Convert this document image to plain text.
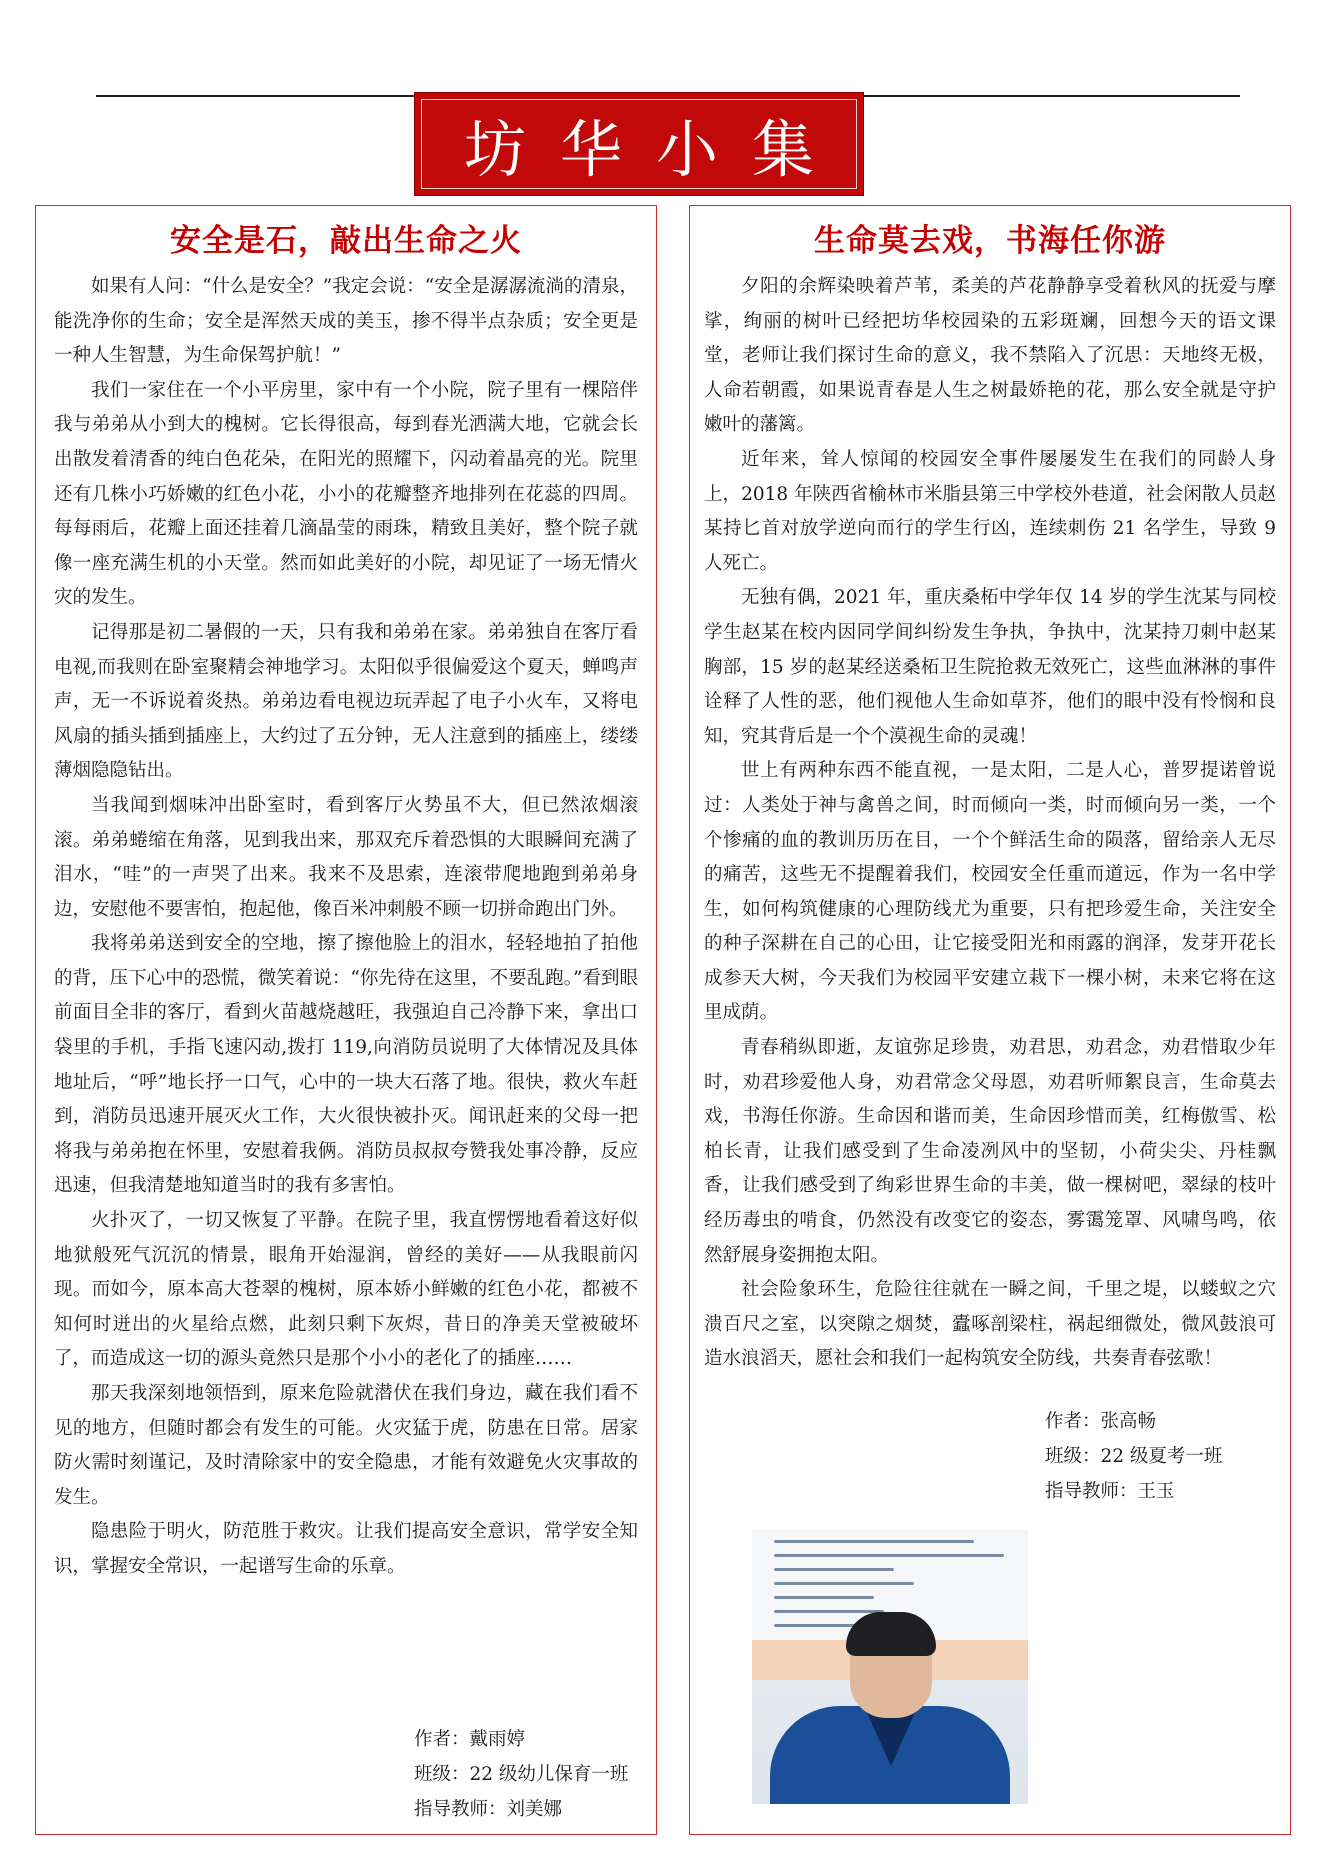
坊华小集
安全是石，敲出生命之火

如果有人问：“什么是安全？”我定会说：“安全是潺潺流淌的清泉，能洗净你的生命；安全是浑然天成的美玉，掺不得半点杂质；安全更是一种人生智慧，为生命保驾护航！”

我们一家住在一个小平房里，家中有一个小院，院子里有一棵陪伴我与弟弟从小到大的槐树。它长得很高，每到春光洒满大地，它就会长出散发着清香的纯白色花朵，在阳光的照耀下，闪动着晶亮的光。院里还有几株小巧娇嫩的红色小花，小小的花瓣整齐地排列在花蕊的四周。每每雨后，花瓣上面还挂着几滴晶莹的雨珠，精致且美好，整个院子就像一座充满生机的小天堂。然而如此美好的小院，却见证了一场无情火灾的发生。

记得那是初二暑假的一天，只有我和弟弟在家。弟弟独自在客厅看电视,而我则在卧室聚精会神地学习。太阳似乎很偏爱这个夏天，蝉鸣声声，无一不诉说着炎热。弟弟边看电视边玩弄起了电子小火车，又将电风扇的插头插到插座上，大约过了五分钟，无人注意到的插座上，缕缕薄烟隐隐钻出。

当我闻到烟味冲出卧室时，看到客厅火势虽不大，但已然浓烟滚滚。弟弟蜷缩在角落，见到我出来，那双充斥着恐惧的大眼瞬间充满了泪水，“哇”的一声哭了出来。我来不及思索，连滚带爬地跑到弟弟身边，安慰他不要害怕，抱起他，像百米冲刺般不顾一切拼命跑出门外。

我将弟弟送到安全的空地，擦了擦他脸上的泪水，轻轻地拍了拍他的背，压下心中的恐慌，微笑着说：“你先待在这里，不要乱跑。”看到眼前面目全非的客厅，看到火苗越烧越旺，我强迫自己冷静下来，拿出口袋里的手机，手指飞速闪动,拨打 119,向消防员说明了大体情况及具体地址后，“呼”地长抒一口气，心中的一块大石落了地。很快，救火车赶到，消防员迅速开展灭火工作，大火很快被扑灭。闻讯赶来的父母一把将我与弟弟抱在怀里，安慰着我俩。消防员叔叔夸赞我处事冷静，反应迅速，但我清楚地知道当时的我有多害怕。

火扑灭了，一切又恢复了平静。在院子里，我直愣愣地看着这好似地狱般死气沉沉的情景，眼角开始湿润，曾经的美好——从我眼前闪现。而如今，原本高大苍翠的槐树，原本娇小鲜嫩的红色小花，都被不知何时迸出的火星给点燃，此刻只剩下灰烬，昔日的净美天堂被破坏了，而造成这一切的源头竟然只是那个小小的老化了的插座……

那天我深刻地领悟到，原来危险就潜伏在我们身边，藏在我们看不见的地方，但随时都会有发生的可能。火灾猛于虎，防患在日常。居家防火需时刻谨记，及时清除家中的安全隐患，才能有效避免火灾事故的发生。

隐患险于明火，防范胜于救灾。让我们提高安全意识，常学安全知识，掌握安全常识，一起谱写生命的乐章。

作者：戴雨婷
班级：22 级幼儿保育一班
指导教师：刘美娜
生命莫去戏，书海任你游

夕阳的余辉染映着芦苇，柔美的芦花静静享受着秋风的抚爱与摩挲，绚丽的树叶已经把坊华校园染的五彩斑斓，回想今天的语文课堂，老师让我们探讨生命的意义，我不禁陷入了沉思：天地终无极，人命若朝霞，如果说青春是人生之树最娇艳的花，那么安全就是守护嫩叶的藩篱。

近年来，耸人惊闻的校园安全事件屡屡发生在我们的同龄人身上，2018 年陕西省榆林市米脂县第三中学校外巷道，社会闲散人员赵某持匕首对放学逆向而行的学生行凶，连续刺伤 21 名学生，导致 9 人死亡。

无独有偶，2021 年，重庆桑柘中学年仅 14 岁的学生沈某与同校学生赵某在校内因同学间纠纷发生争执，争执中，沈某持刀刺中赵某胸部，15 岁的赵某经送桑柘卫生院抢救无效死亡，这些血淋淋的事件诠释了人性的恶，他们视他人生命如草芥，他们的眼中没有怜悯和良知，究其背后是一个个漠视生命的灵魂！

世上有两种东西不能直视，一是太阳，二是人心，普罗提诺曾说过：人类处于神与禽兽之间，时而倾向一类，时而倾向另一类，一个个惨痛的血的教训历历在目，一个个鲜活生命的陨落，留给亲人无尽的痛苦，这些无不提醒着我们，校园安全任重而道远，作为一名中学生，如何构筑健康的心理防线尤为重要，只有把珍爱生命，关注安全的种子深耕在自己的心田，让它接受阳光和雨露的润泽，发芽开花长成参天大树，今天我们为校园平安建立栽下一棵小树，未来它将在这里成荫。

青春稍纵即逝，友谊弥足珍贵，劝君思，劝君念，劝君惜取少年时，劝君珍爱他人身，劝君常念父母恩，劝君听师絮良言，生命莫去戏，书海任你游。生命因和谐而美，生命因珍惜而美，红梅傲雪、松柏长青，让我们感受到了生命凌冽风中的坚韧，小荷尖尖、丹桂飘香，让我们感受到了绚彩世界生命的丰美，做一棵树吧，翠绿的枝叶经历毒虫的啃食，仍然没有改变它的姿态，雾霭笼罩、风啸鸟鸣，依然舒展身姿拥抱太阳。

社会险象环生，危险往往就在一瞬之间，千里之堤，以蝼蚁之穴溃百尺之室，以突隙之烟焚，蠹啄剖梁柱，祸起细微处，微风鼓浪可造水浪滔天，愿社会和我们一起构筑安全防线，共奏青春弦歌！

作者：张高畅
班级：22 级夏考一班
指导教师：王玉
